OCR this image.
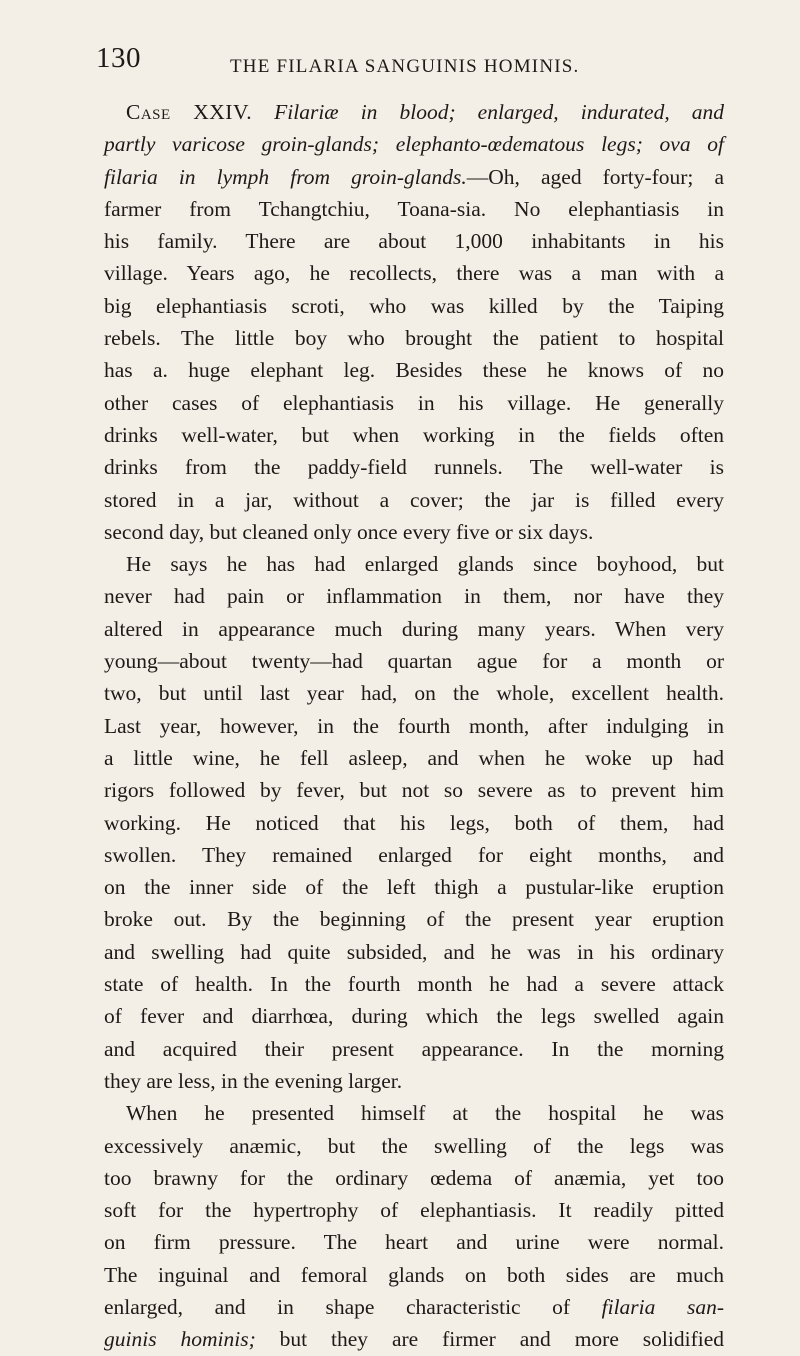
130	THE FILARIA SANGUINIS HOMINIS.
Case XXIV. Filariæ in blood; enlarged, indurated, and
partly varicose groin-glands; elephanto-œdematous legs; ova of
filaria in lymph from groin-glands.—Oh, aged forty-four; a
farmer from Tchangtchiu, Toana-sia. No elephantiasis in
his family. There are about 1,000 inhabitants in his
village. Years ago, he recollects, there was a man with a
big elephantiasis scroti, who was killed by the Taiping
rebels. The little boy who brought the patient to hospital
has a. huge elephant leg. Besides these he knows of no
other cases of elephantiasis in his village. He generally
drinks well-water, but when working in the fields often
drinks from the paddy-field runnels. The well-water is
stored in a jar, without a cover; the jar is filled every
second day, but cleaned only once every five or six days.
He says he has had enlarged glands since boyhood, but
never had pain or inflammation in them, nor have they
altered in appearance much during many years. When very
young—about twenty—had quartan ague for a month or
two, but until last year had, on the whole, excellent health.
Last year, however, in the fourth month, after indulging in
a little wine, he fell asleep, and when he woke up had
rigors followed by fever, but not so severe as to prevent him
working. He noticed that his legs, both of them, had
swollen. They remained enlarged for eight months, and
on the inner side of the left thigh a pustular-like eruption
broke out. By the beginning of the present year eruption
and swelling had quite subsided, and he was in his ordinary
state of health. In the fourth month he had a severe attack
of fever and diarrhœa, during which the legs swelled again
and acquired their present appearance. In the morning
they are less, in the evening larger.
When he presented himself at the hospital he was
excessively anæmic, but the swelling of the legs was
too brawny for the ordinary œdema of anæmia, yet too
soft for the hypertrophy of elephantiasis. It readily pitted
on firm pressure. The heart and urine were normal.
The inguinal and femoral glands on both sides are much
enlarged, and in shape characteristic of filaria san-
guinis hominis; but they are firmer and more solidified
